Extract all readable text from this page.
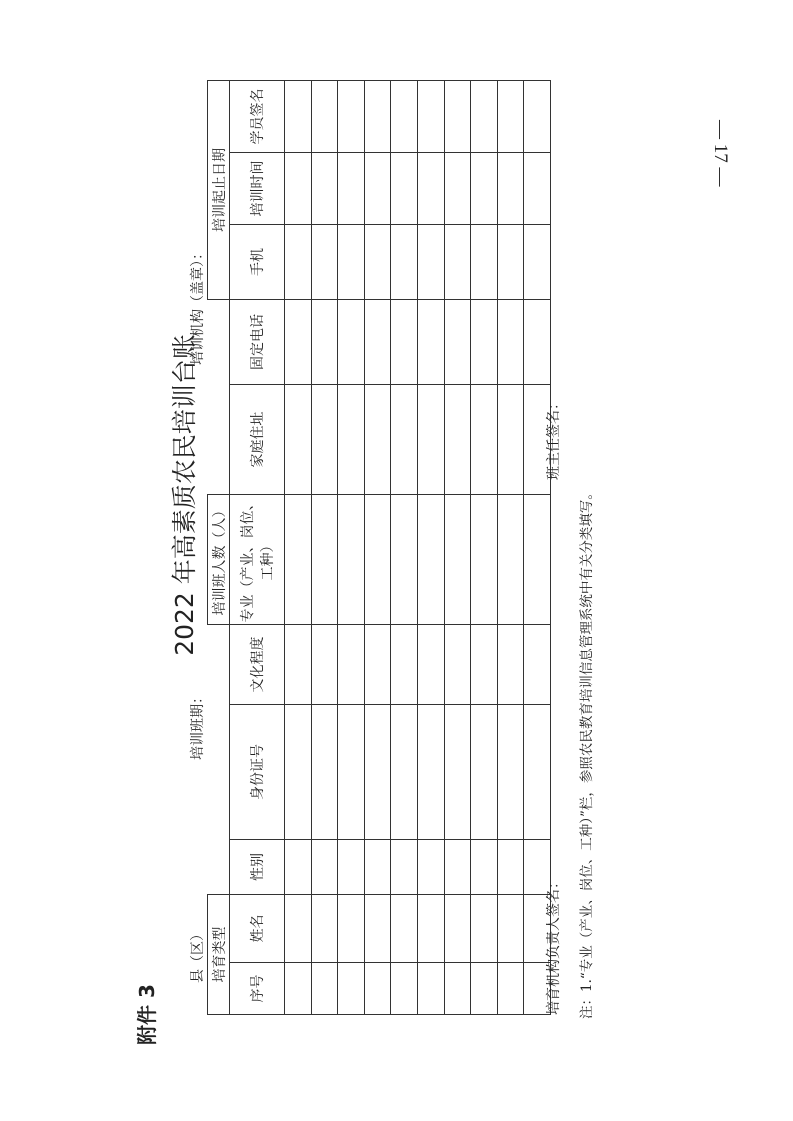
— 17 —
附件 3
2022 年高素质农民培训台账
县（区）
培训班期：
培训机构（盖章）：
培育类型					培训班人数（人）			培训起止日期		
序号	姓名	性别	身份证号	文化程度	专业（产业、岗位、工种）	家庭住址	固定电话	手机	培训时间	学员签名

培育机构负责人签名：
班主任签名：
注：1.“专业（产业、岗位、工种）”栏，参照农民教育培训信息管理系统中有关分类填写。
